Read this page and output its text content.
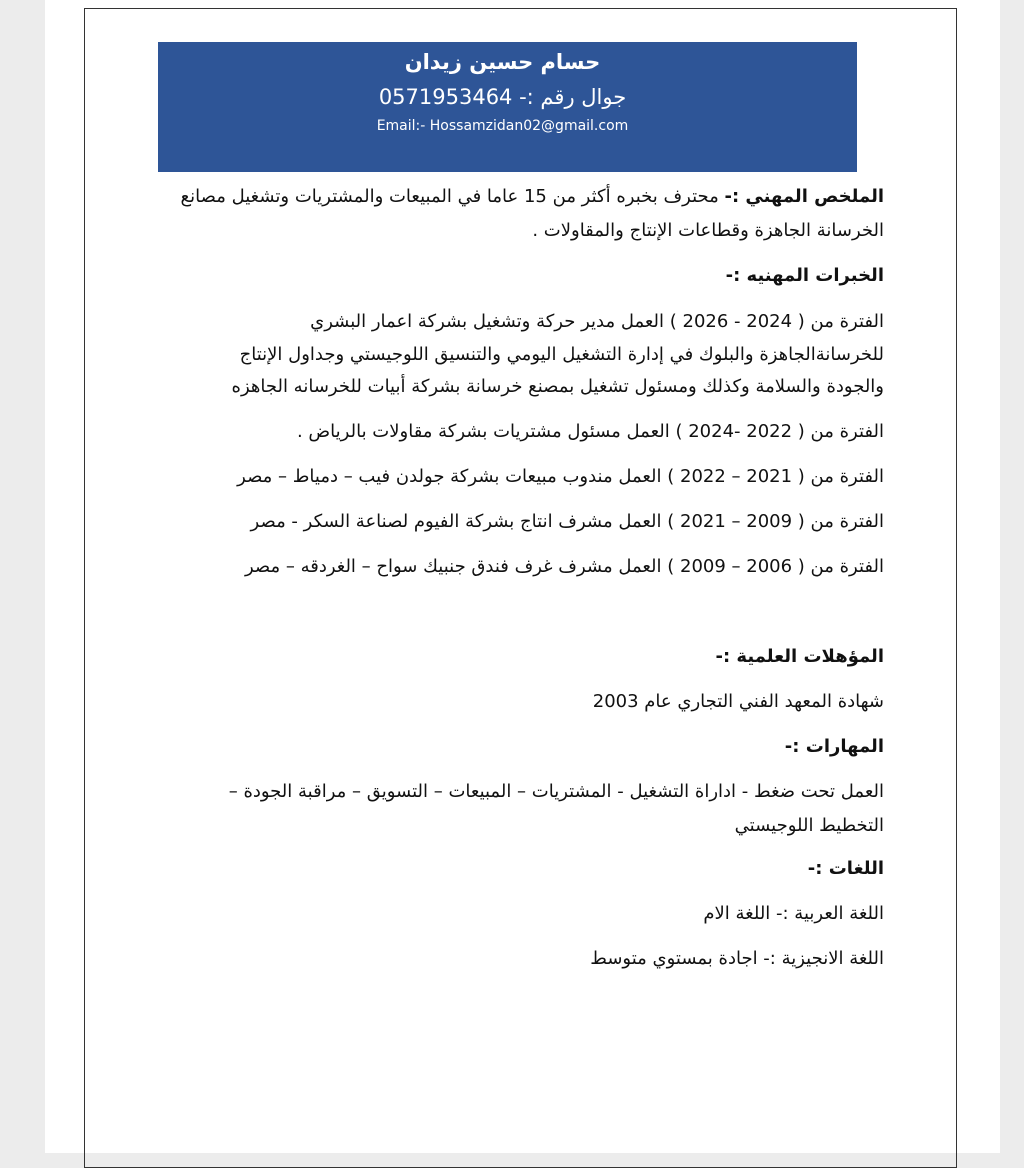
حسام حسين زيدان
جوال رقم :- 0571953464
Email:- Hossamzidan02@gmail.com
الملخص المهني :- محترف بخبره أكثر من 15 عاما في المبيعات والمشتريات وتشغيل مصانع
الخرسانة الجاهزة وقطاعات الإنتاج والمقاولات .
الخبرات المهنيه :-
الفترة من ( 2024 - 2026 ) العمل مدير حركة وتشغيل بشركة اعمار البشري
للخرسانةالجاهزة والبلوك في إدارة التشغيل اليومي والتنسيق اللوجيستي وجداول الإنتاج
والجودة والسلامة وكذلك ومسئول تشغيل بمصنع خرسانة بشركة أبيات للخرسانه الجاهزه
الفترة من ( 2022 -2024 ) العمل مسئول مشتريات بشركة مقاولات بالرياض .
الفترة من ( 2021 – 2022 ) العمل مندوب مبيعات بشركة جولدن فيب – دمياط – مصر
الفترة من ( 2009 – 2021 ) العمل مشرف انتاج بشركة الفيوم لصناعة السكر - مصر
الفترة من ( 2006 – 2009 ) العمل مشرف غرف فندق جنبيك سواح – الغردقه – مصر
المؤهلات العلمية :-
شهادة المعهد الفني التجاري عام 2003
المهارات :-
العمل تحت ضغط - اداراة التشغيل - المشتريات – المبيعات – التسويق – مراقبة الجودة –
التخطيط اللوجيستي
اللغات :-
اللغة العربية :- اللغة الام
اللغة الانجيزية :- اجادة بمستوي متوسط
